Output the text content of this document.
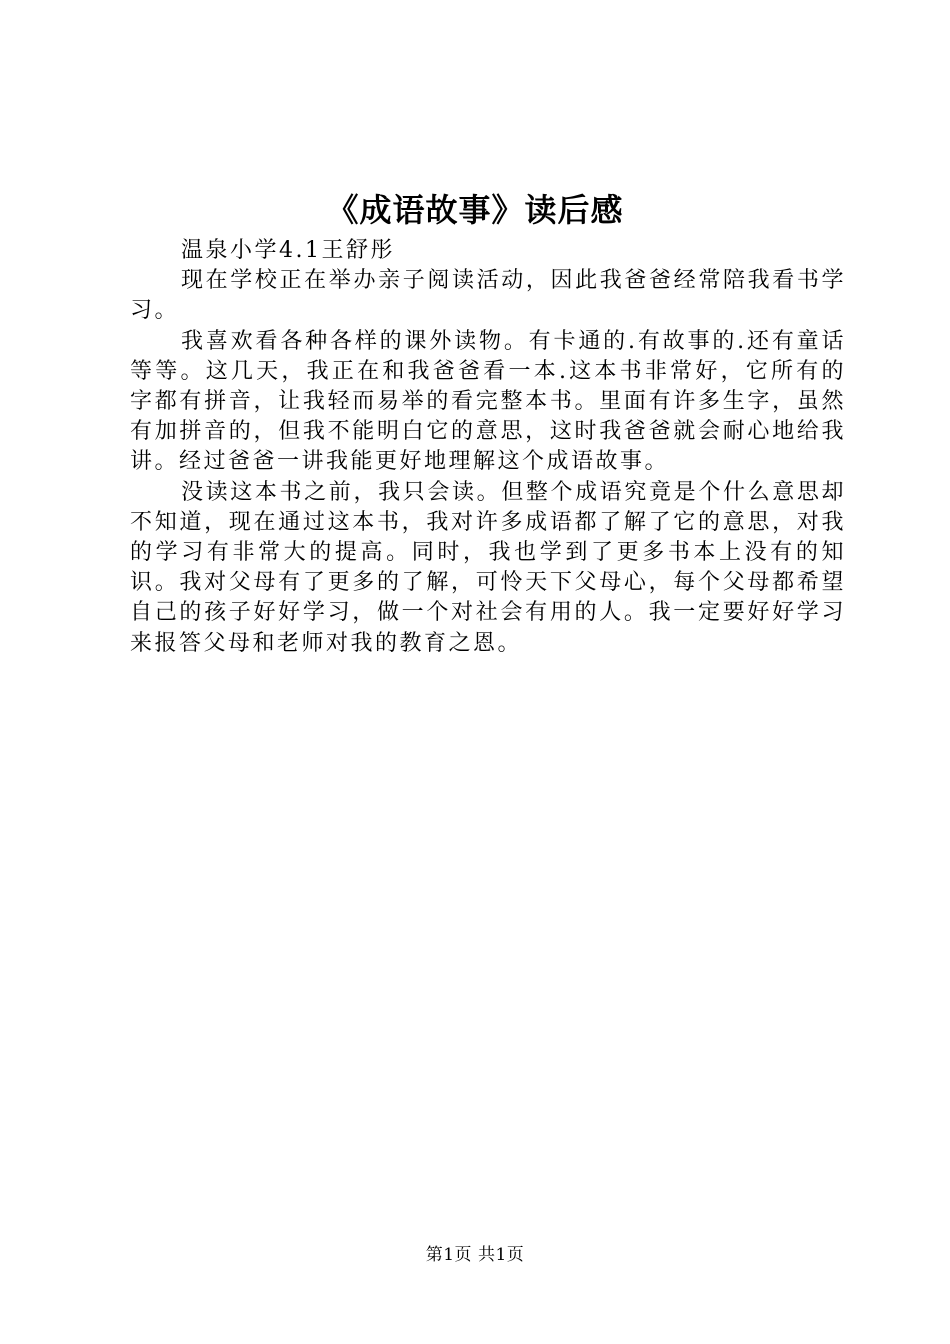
《成语故事》读后感

温泉小学4.1王舒彤

现在学校正在举办亲子阅读活动，因此我爸爸经常陪我看书学习。

我喜欢看各种各样的课外读物。有卡通的.有故事的.还有童话等等。这几天，我正在和我爸爸看一本.这本书非常好，它所有的字都有拼音，让我轻而易举的看完整本书。里面有许多生字，虽然有加拼音的，但我不能明白它的意思，这时我爸爸就会耐心地给我讲。经过爸爸一讲我能更好地理解这个成语故事。

没读这本书之前，我只会读。但整个成语究竟是个什么意思却不知道，现在通过这本书，我对许多成语都了解了它的意思，对我的学习有非常大的提高。同时，我也学到了更多书本上没有的知识。我对父母有了更多的了解，可怜天下父母心，每个父母都希望自己的孩子好好学习，做一个对社会有用的人。我一定要好好学习来报答父母和老师对我的教育之恩。

第1页 共1页
